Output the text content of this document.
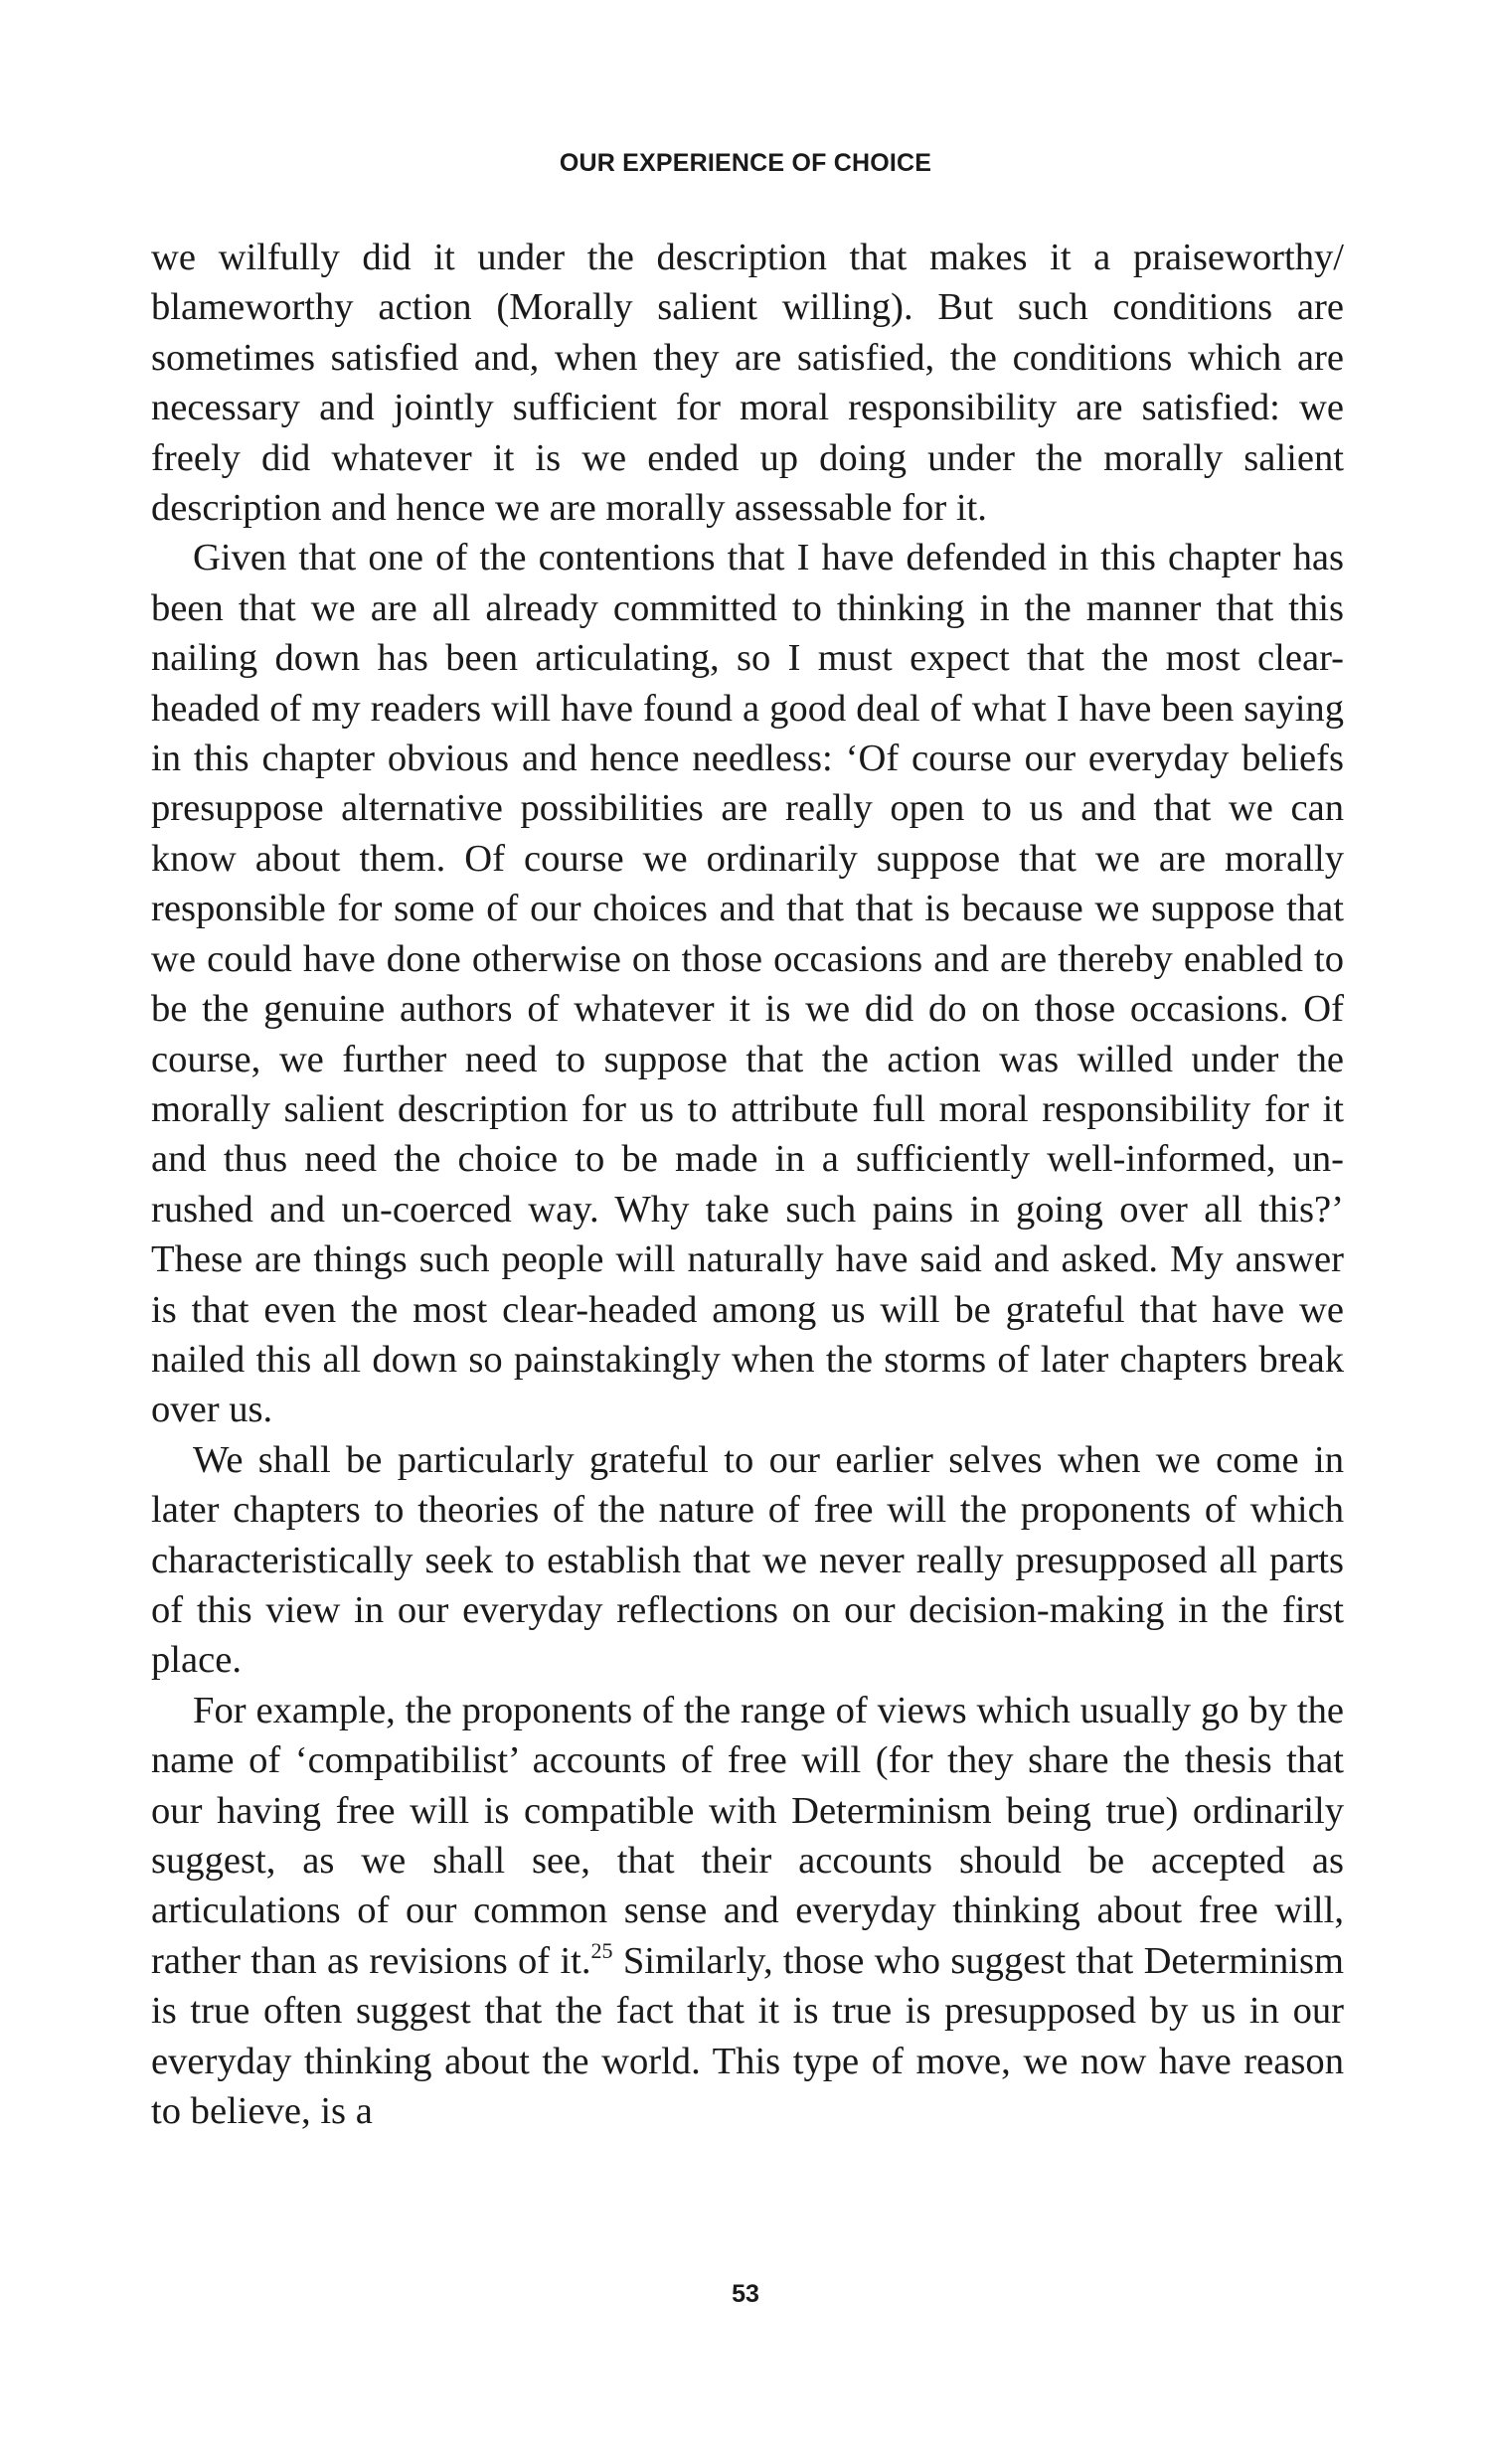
OUR EXPERIENCE OF CHOICE

we wilfully did it under the description that makes it a praiseworthy/ blameworthy action (Morally salient willing). But such conditions are sometimes satisfied and, when they are satisfied, the conditions which are necessary and jointly sufficient for moral responsibility are satisfied: we freely did whatever it is we ended up doing under the morally salient description and hence we are morally assessable for it.

Given that one of the contentions that I have defended in this chapter has been that we are all already committed to thinking in the manner that this nailing down has been articulating, so I must expect that the most clear-headed of my readers will have found a good deal of what I have been saying in this chapter obvious and hence needless: ‘Of course our everyday beliefs presuppose alternative possibilities are really open to us and that we can know about them. Of course we ordinarily suppose that we are morally responsible for some of our choices and that that is because we suppose that we could have done otherwise on those occasions and are thereby enabled to be the genuine authors of whatever it is we did do on those occasions. Of course, we further need to suppose that the action was willed under the morally salient description for us to attribute full moral responsibility for it and thus need the choice to be made in a sufficiently well-informed, un-rushed and un-coerced way. Why take such pains in going over all this?’ These are things such people will naturally have said and asked. My answer is that even the most clear-headed among us will be grateful that have we nailed this all down so painstakingly when the storms of later chapters break over us.

We shall be particularly grateful to our earlier selves when we come in later chapters to theories of the nature of free will the proponents of which characteristically seek to establish that we never really presupposed all parts of this view in our everyday reflections on our decision-making in the first place.

For example, the proponents of the range of views which usually go by the name of ‘compatibilist’ accounts of free will (for they share the thesis that our having free will is compatible with Determinism being true) ordinarily suggest, as we shall see, that their accounts should be accepted as articulations of our common sense and everyday thinking about free will, rather than as revisions of it.$^{25}$ Similarly, those who suggest that Determinism is true often suggest that the fact that it is true is presupposed by us in our everyday thinking about the world. This type of move, we now have reason to believe, is a

53
